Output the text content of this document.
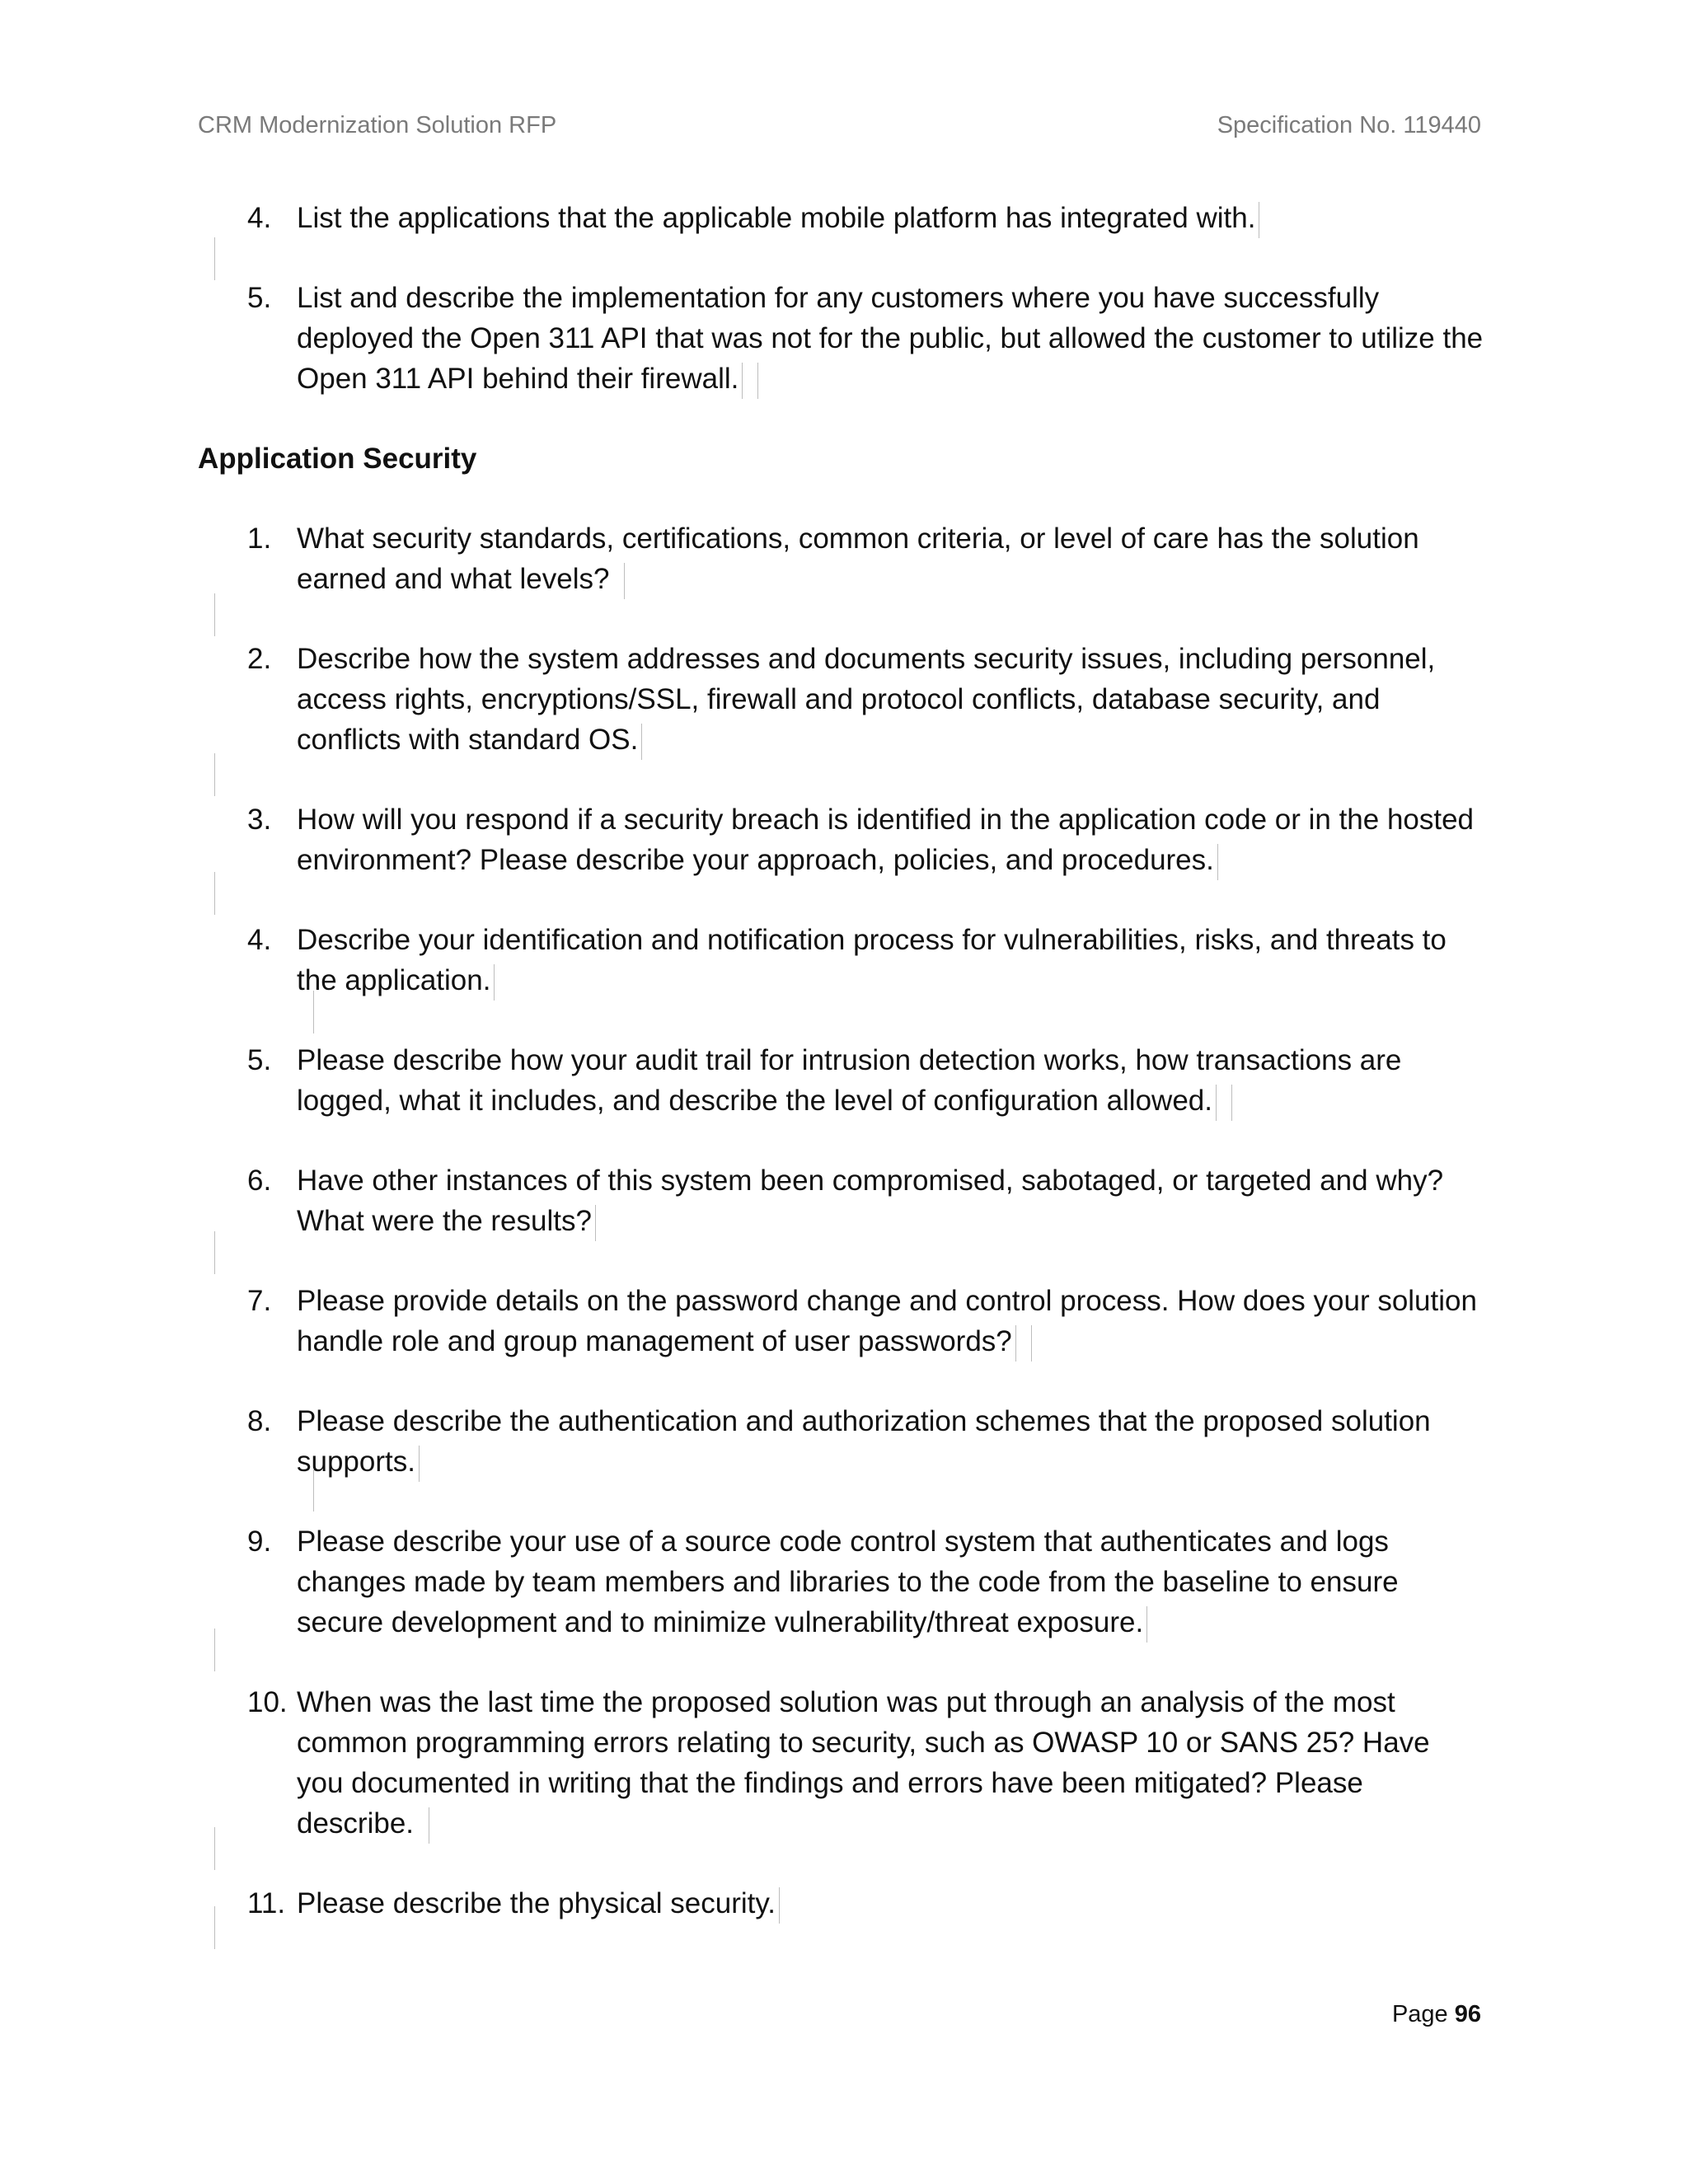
CRM Modernization Solution RFP	Specification No. 119440
4. List the applications that the applicable mobile platform has integrated with.
5. List and describe the implementation for any customers where you have successfully deployed the Open 311 API that was not for the public, but allowed the customer to utilize the Open 311 API behind their firewall.
Application Security
1. What security standards, certifications, common criteria, or level of care has the solution earned and what levels?
2. Describe how the system addresses and documents security issues, including personnel, access rights, encryptions/SSL, firewall and protocol conflicts, database security, and conflicts with standard OS.
3. How will you respond if a security breach is identified in the application code or in the hosted environment? Please describe your approach, policies, and procedures.
4. Describe your identification and notification process for vulnerabilities, risks, and threats to the application.
5. Please describe how your audit trail for intrusion detection works, how transactions are logged, what it includes, and describe the level of configuration allowed.
6. Have other instances of this system been compromised, sabotaged, or targeted and why? What were the results?
7. Please provide details on the password change and control process. How does your solution handle role and group management of user passwords?
8. Please describe the authentication and authorization schemes that the proposed solution supports.
9. Please describe your use of a source code control system that authenticates and logs changes made by team members and libraries to the code from the baseline to ensure secure development and to minimize vulnerability/threat exposure.
10. When was the last time the proposed solution was put through an analysis of the most common programming errors relating to security, such as OWASP 10 or SANS 25? Have you documented in writing that the findings and errors have been mitigated? Please describe.
11. Please describe the physical security.
Page 96
